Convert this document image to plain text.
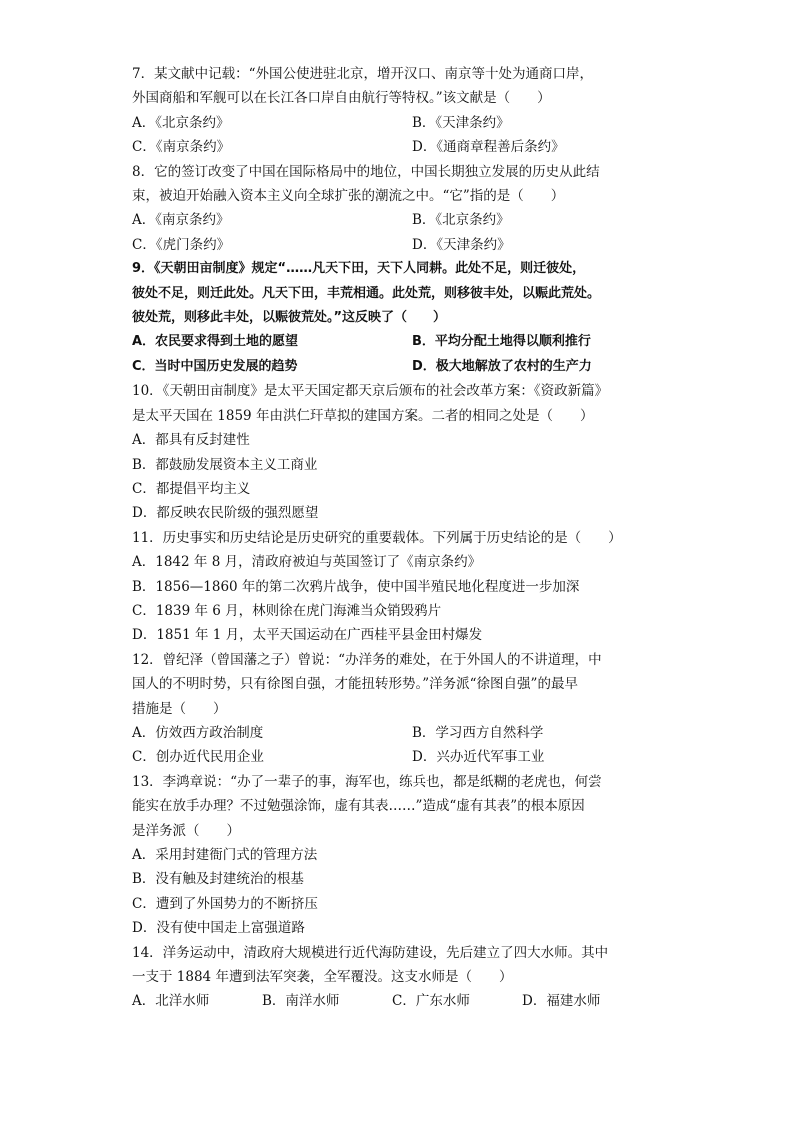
7．某文献中记载：“外国公使进驻北京，增开汉口、南京等十处为通商口岸，

外国商船和军舰可以在长江各口岸自由航行等特权。”该文献是（　　）

A．《北京条约》	B．《天津条约》
C．《南京条约》	D．《通商章程善后条约》

8．它的签订改变了中国在国际格局中的地位，中国长期独立发展的历史从此结

束，被迫开始融入资本主义向全球扩张的潮流之中。“它”指的是（　　）

A．《南京条约》	B．《北京条约》
C．《虎门条约》	D．《天津条约》

9．《天朝田亩制度》规定“……凡天下田，天下人同耕。此处不足，则迁彼处，

彼处不足，则迁此处。凡天下田，丰荒相通。此处荒，则移彼丰处，以赈此荒处。

彼处荒，则移此丰处，以赈彼荒处。”这反映了（　　）

A．农民要求得到土地的愿望	B．平均分配土地得以顺利推行
C．当时中国历史发展的趋势	D．极大地解放了农村的生产力

10．《天朝田亩制度》是太平天国定都天京后颁布的社会改革方案：《资政新篇》

是太平天国在 1859 年由洪仁玕草拟的建国方案。二者的相同之处是（　　）

A．都具有反封建性

B．都鼓励发展资本主义工商业

C．都提倡平均主义

D．都反映农民阶级的强烈愿望

11．历史事实和历史结论是历史研究的重要载体。下列属于历史结论的是（　　）

A．1842 年 8 月，清政府被迫与英国签订了《南京条约》

B．1856—1860 年的第二次鸦片战争，使中国半殖民地化程度进一步加深

C．1839 年 6 月，林则徐在虎门海滩当众销毁鸦片

D．1851 年 1 月，太平天国运动在广西桂平县金田村爆发

12．曾纪泽（曾国藩之子）曾说：“办洋务的难处，在于外国人的不讲道理，中

国人的不明时势，只有徐图自强，才能扭转形势。”洋务派“徐图自强”的最早

措施是（　　）

A．仿效西方政治制度	B．学习西方自然科学
C．创办近代民用企业	D．兴办近代军事工业

13．李鸿章说：“办了一辈子的事，海军也，练兵也，都是纸糊的老虎也，何尝

能实在放手办理？不过勉强涂饰，虚有其表……”造成“虚有其表”的根本原因

是洋务派（　　）

A．采用封建衙门式的管理方法

B．没有触及封建统治的根基

C．遭到了外国势力的不断挤压

D．没有使中国走上富强道路

14．洋务运动中，清政府大规模进行近代海防建设，先后建立了四大水师。其中

一支于 1884 年遭到法军突袭，全军覆没。这支水师是（　　）

A．北洋水师	B．南洋水师	C．广东水师	D．福建水师
